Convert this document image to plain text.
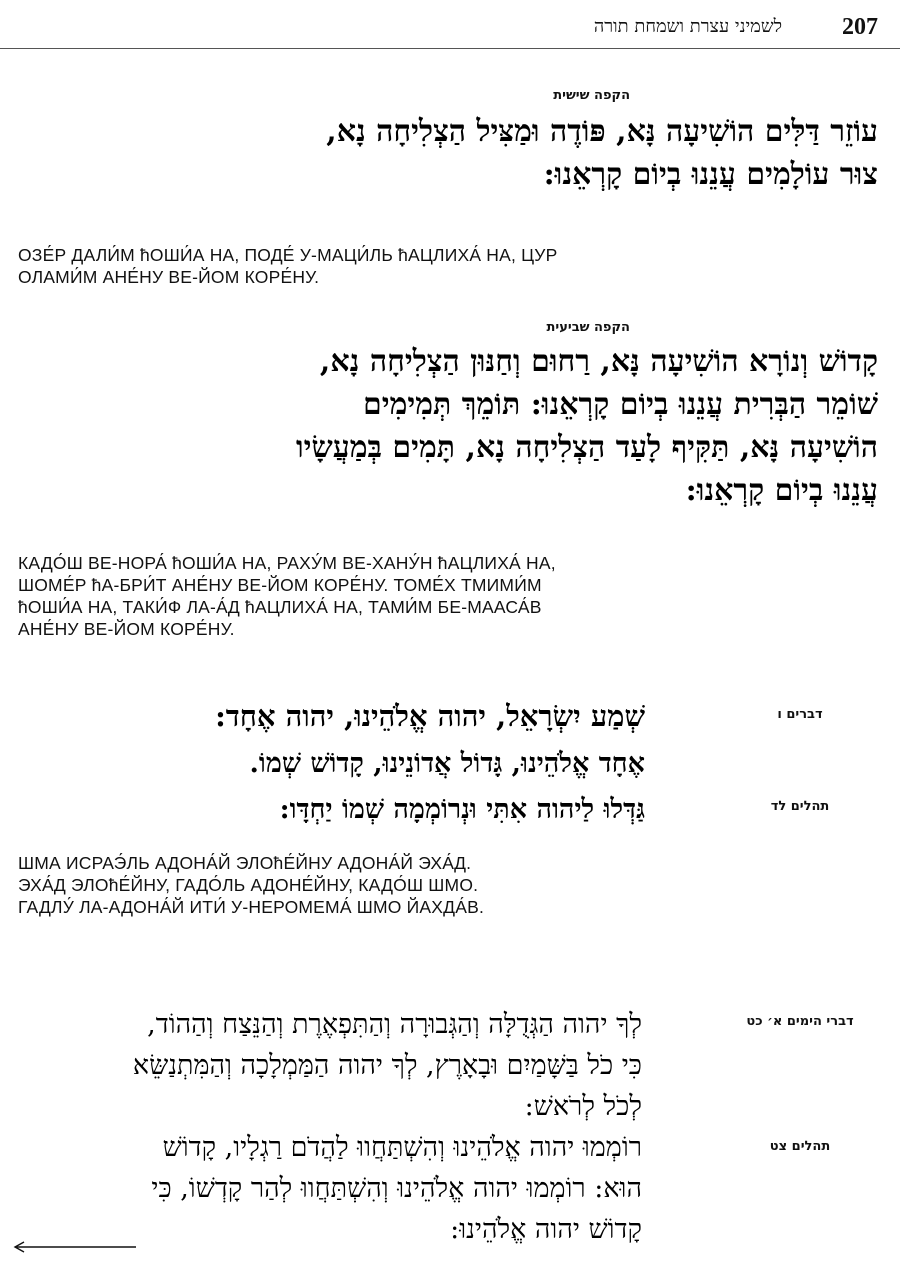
207
לשמיני עצרת ושמחת תורה
הקפה שישית
עוֹזֵר דַּלִּים הוֹשִׁיעָה נָּא, פּוֹדֶה וּמַצִּיל הַצְלִיחָה נָא,
צוּר עוֹלָמִים עֲנֵנוּ בְיוֹם קָרְאֵנוּ:
ОЗЕ́Р ДАЛИ́М ћОШИ́А НА, ПОДЕ́ У-МАЦИ́ЛЬ ћАЦЛИХА́ НА, ЦУР
ОЛАМИ́М АНЕ́НУ ВЕ-ЙОМ КОРЕ́НУ.
הקפה שביעית
קָדוֹשׁ וְנוֹרָא הוֹשִׁיעָה נָּא, רַחוּם וְחַנּוּן הַצְלִיחָה נָא,
שׁוֹמֵר הַבְּרִית עֲנֵנוּ בְיוֹם קָרְאֵנוּ: תּוֹמֵךְ תְּמִימִים
הוֹשִׁיעָה נָּא, תַּקִּיף לָעַד הַצְלִיחָה נָא, תָּמִים בְּמַעֲשָׂיו
עֲנֵנוּ בְיוֹם קָרְאֵנוּ:
КАДО́Ш ВЕ-НОРА́ ћОШИ́А НА, РАХУ́М ВЕ-ХАНУ́Н ћАЦЛИХА́ НА,
ШОМЕ́Р ћА-БРИ́Т АНЕ́НУ ВЕ-ЙОМ КОРЕ́НУ. ТОМЕ́Х ТМИМИ́М
ћОШИ́А НА, ТАКИ́Ф ЛА-А́Д ћАЦЛИХА́ НА, ТАМИ́М БЕ-МААСА́В
АНЕ́НУ ВЕ-ЙОМ КОРЕ́НУ.
שְׁמַע יִשְׂרָאֵל, יהוה אֱלֹהֵינוּ, יהוה אֶחָד:
אֶחָד אֱלֹהֵינוּ, גָּדוֹל אֲדוֹנֵינוּ, קָדוֹשׁ שְׁמוֹ.
גַּדְּלוּ לַיהוה אִתִּי וּנְרוֹמְמָה שְׁמוֹ יַחְדָּו:
דברים ו
תהלים לד
ШМА ИСРАЭ́ЛЬ АДОНА́Й ЭЛОћЕ́ЙНУ АДОНА́Й ЭХА́Д.
ЭХА́Д ЭЛОћЕ́ЙНУ, ГАДО́ЛЬ АДОНЕ́ЙНУ, КАДО́Ш ШМО.
ГАДЛУ́ ЛА-АДОНА́Й ИТИ́ У-НЕРОМЕМА́ ШМО ЙАХДА́В.
לְךָ יהוה הַגְּדֻלָּה וְהַגְּבוּרָה וְהַתִּפְאֶרֶת וְהַנֵּצַח וְהַהוֹד,
כִּי כֹל בַּשָּׁמַיִם וּבָאָרֶץ, לְךָ יהוה הַמַּמְלָכָה וְהַמִּתְנַשֵּׂא
לְכֹל לְרֹאשׁ:
רוֹמְמוּ יהוה אֱלֹהֵינוּ וְהִשְׁתַּחֲווּ לַהֲדֹם רַגְלָיו, קָדוֹשׁ
הוּא: רוֹמְמוּ יהוה אֱלֹהֵינוּ וְהִשְׁתַּחֲווּ לְהַר קָדְשׁוֹ, כִּי
קָדוֹשׁ יהוה אֱלֹהֵינוּ:
דברי הימים א׳ כט
תהלים צט
